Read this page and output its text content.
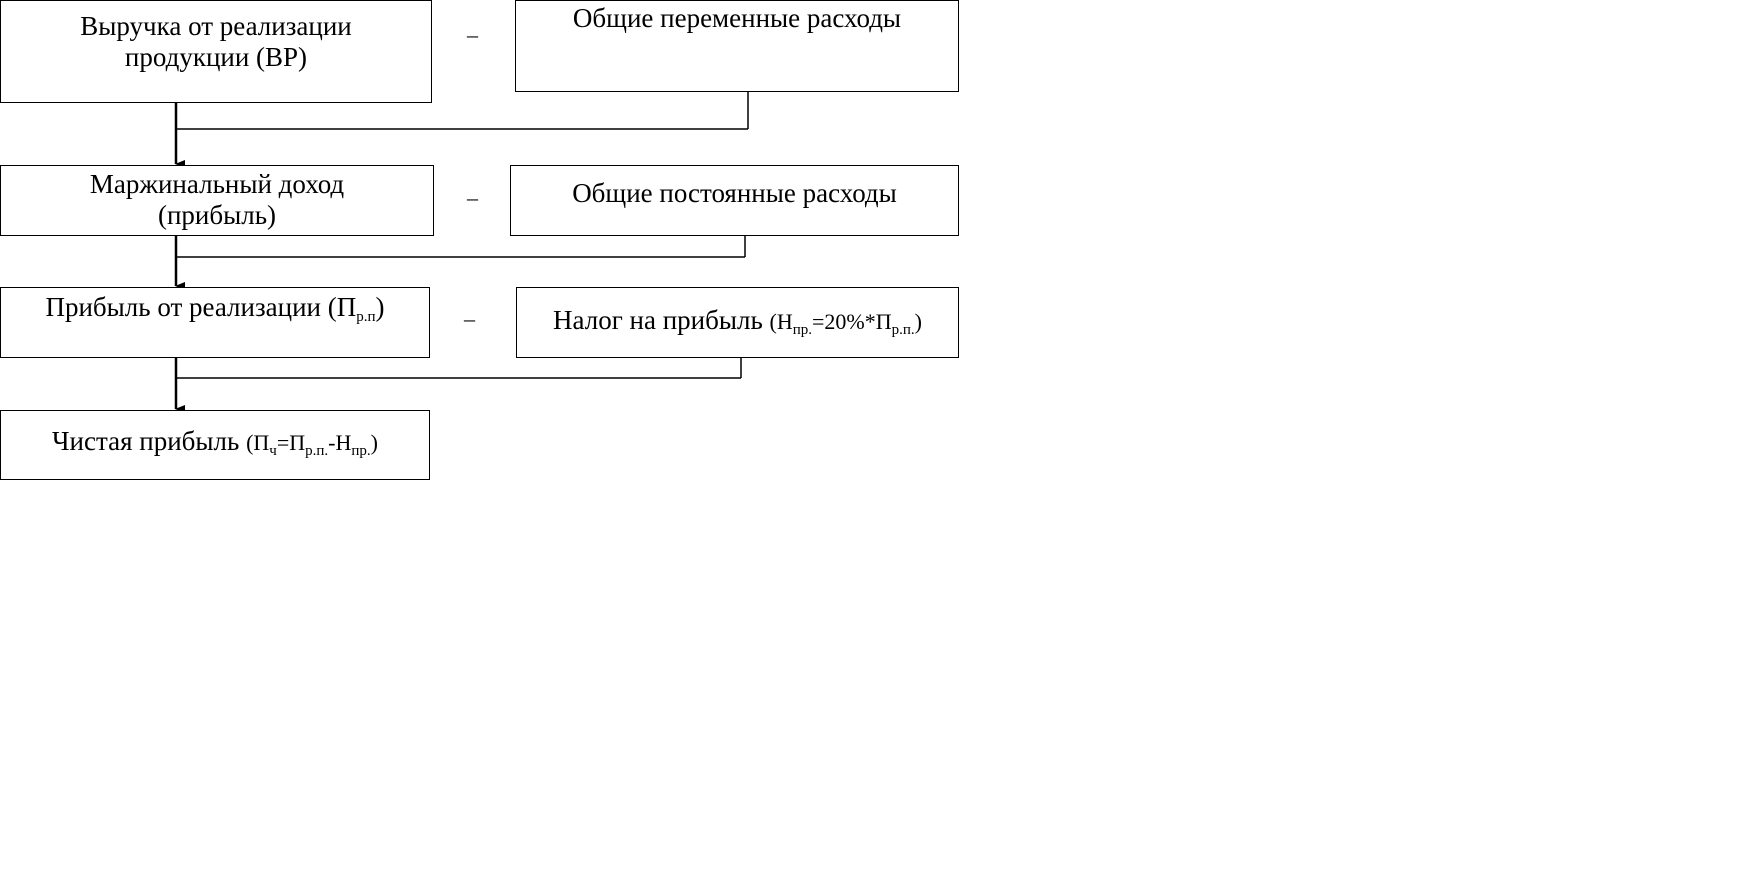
Выручка от реализации продукции (ВР)
–
Общие переменные расходы
Маржинальный доход (прибыль)
–	Общие постоянные расходы
Прибыль от реализации $(П_{р.п})$	–	Налог на прибыль $(Н_{пр.}=20\%*П_{р.п.})$
Чистая прибыль $(П_ч=П_{р.п.}-Н_{пр.})$
